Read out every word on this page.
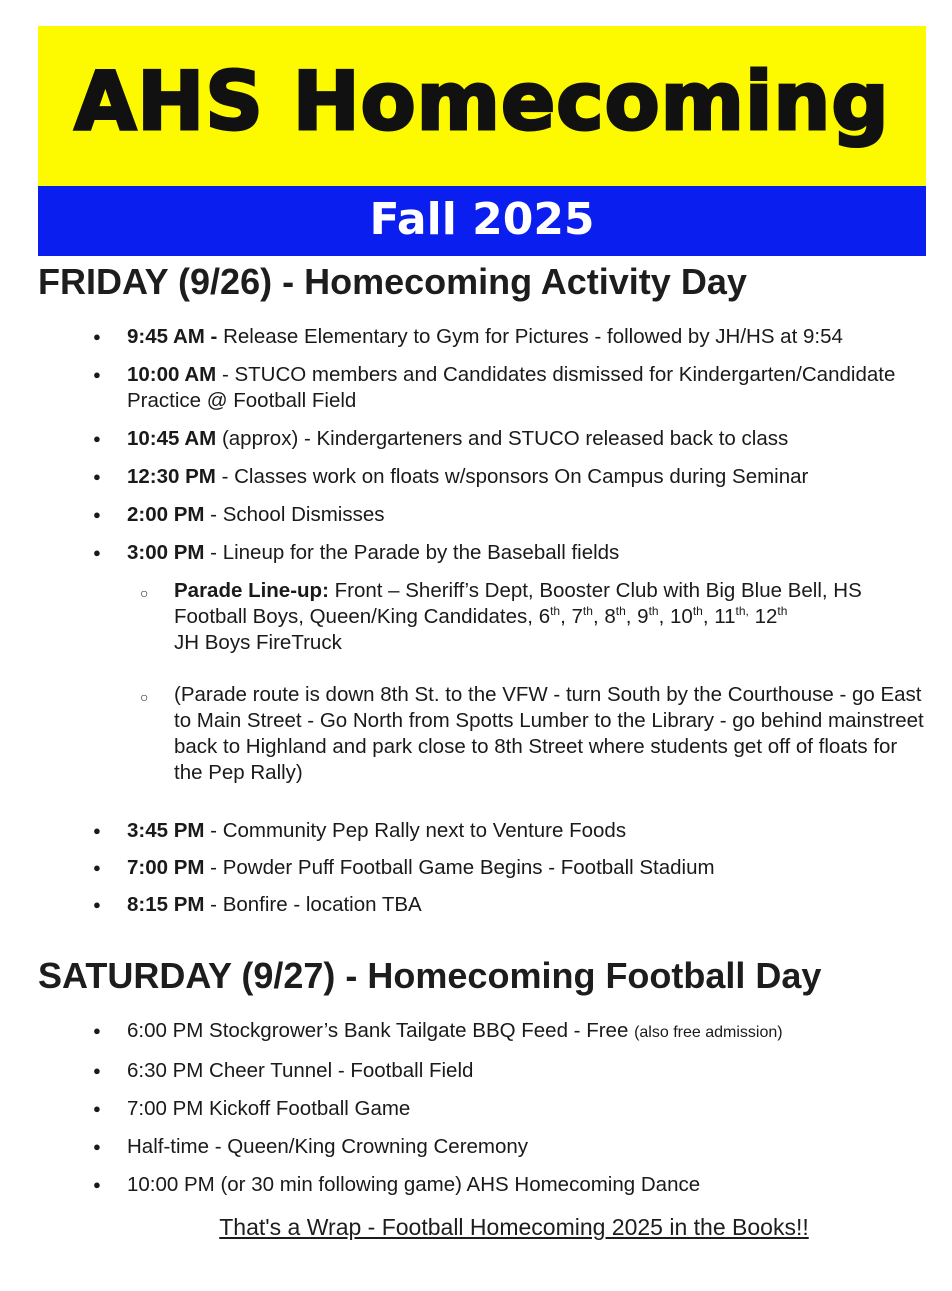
AHS Homecoming
Fall 2025
FRIDAY (9/26) - Homecoming Activity Day
● 9:45 AM - Release Elementary to Gym for Pictures - followed by JH/HS at 9:54
● 10:00 AM - STUCO members and Candidates dismissed for Kindergarten/Candidate Practice @ Football Field
● 10:45 AM (approx) - Kindergarteners and STUCO released back to class
● 12:30 PM - Classes work on floats w/sponsors On Campus during Seminar
● 2:00 PM - School Dismisses
● 3:00 PM - Lineup for the Parade by the Baseball fields
○ Parade Line-up: Front – Sheriff’s Dept, Booster Club with Big Blue Bell, HS Football Boys, Queen/King Candidates, 6th, 7th, 8th, 9th, 10th, $11^{th,}$ 12th
JH Boys FireTruck
○ (Parade route is down 8th St. to the VFW - turn South by the Courthouse - go East to Main Street - Go North from Spotts Lumber to the Library - go behind mainstreet back to Highland and park close to 8th Street where students get off of floats for the Pep Rally)
● 3:45 PM - Community Pep Rally next to Venture Foods
● 7:00 PM - Powder Puff Football Game Begins - Football Stadium
● 8:15 PM - Bonfire - location TBA
SATURDAY (9/27) - Homecoming Football Day
● 6:00 PM Stockgrower’s Bank Tailgate BBQ Feed - Free (also free admission)
● 6:30 PM Cheer Tunnel - Football Field
● 7:00 PM Kickoff Football Game
● Half-time - Queen/King Crowning Ceremony
● 10:00 PM (or 30 min following game) AHS Homecoming Dance
That's a Wrap - Football Homecoming 2025 in the Books!!
